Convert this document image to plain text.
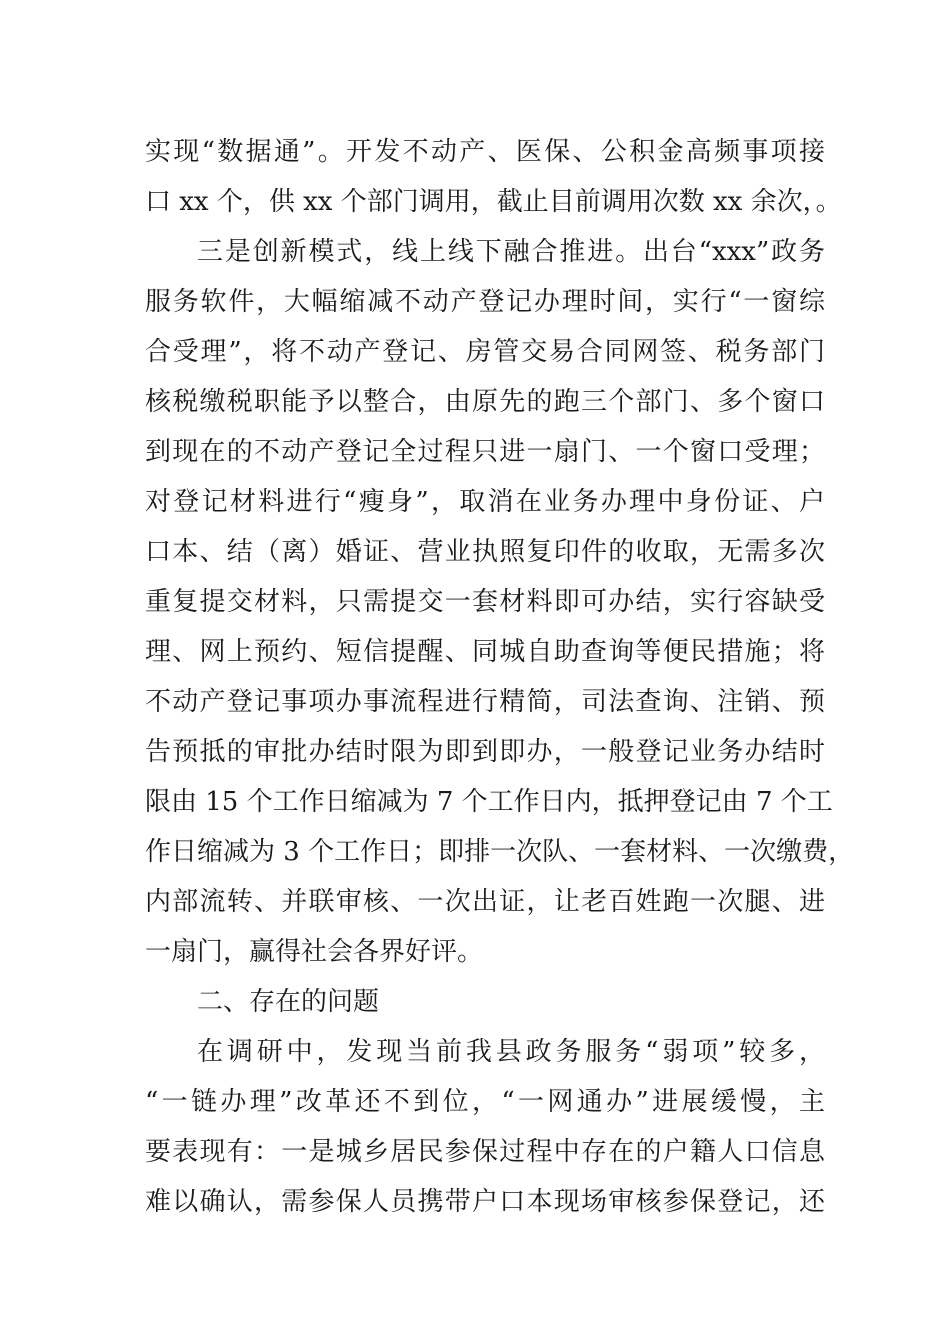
实现“数据通”。开发不动产、医保、公积金高频事项接
口 xx 个，供 xx 个部门调用，截止目前调用次数 xx 余次，。
三是创新模式，线上线下融合推进。出台“xxx”政务
服务软件，大幅缩减不动产登记办理时间，实行“一窗综
合受理”，将不动产登记、房管交易合同网签、税务部门
核税缴税职能予以整合，由原先的跑三个部门、多个窗口
到现在的不动产登记全过程只进一扇门、一个窗口受理；
对登记材料进行“瘦身”，取消在业务办理中身份证、户
口本、结（离）婚证、营业执照复印件的收取，无需多次
重复提交材料，只需提交一套材料即可办结，实行容缺受
理、网上预约、短信提醒、同城自助查询等便民措施；将
不动产登记事项办事流程进行精简，司法查询、注销、预
告预抵的审批办结时限为即到即办，一般登记业务办结时
限由 15 个工作日缩减为 7 个工作日内，抵押登记由 7 个工
作日缩减为 3 个工作日；即排一次队、一套材料、一次缴费，
内部流转、并联审核、一次出证，让老百姓跑一次腿、进
一扇门，赢得社会各界好评。
二、存在的问题
在调研中，发现当前我县政务服务“弱项”较多，
“一链办理”改革还不到位，“一网通办”进展缓慢，主
要表现有：一是城乡居民参保过程中存在的户籍人口信息
难以确认，需参保人员携带户口本现场审核参保登记，还
